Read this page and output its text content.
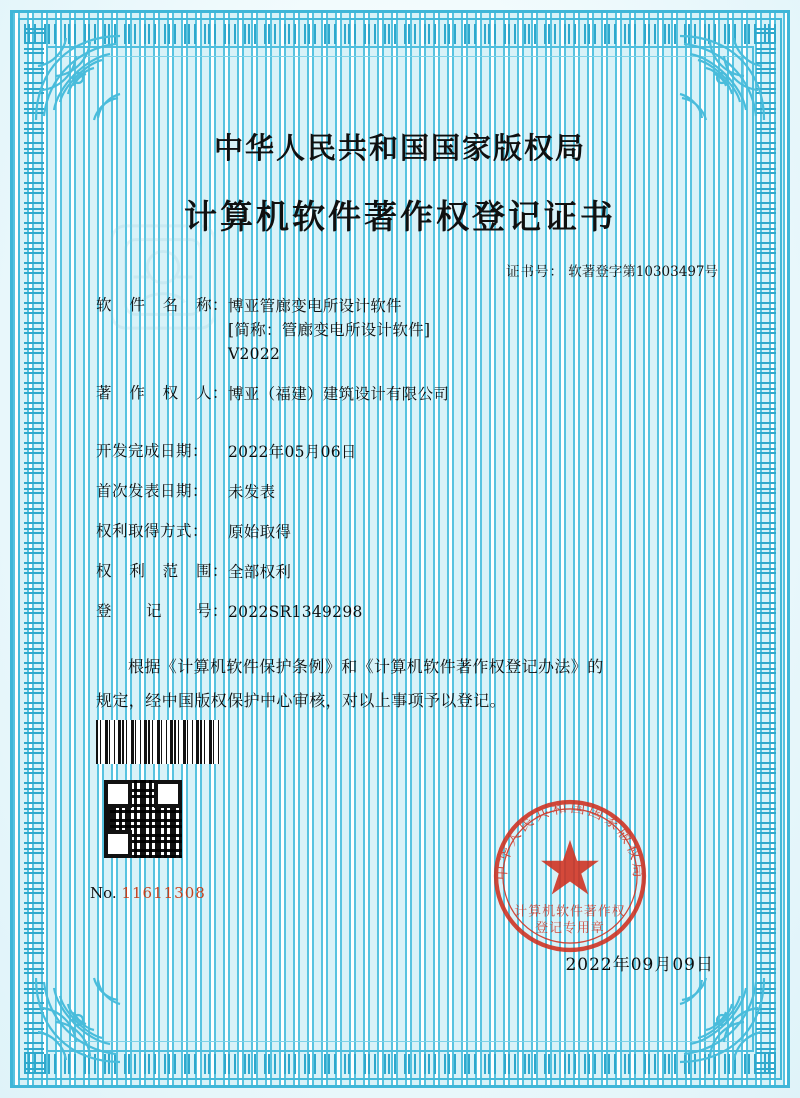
中华人民共和国国家版权局
计算机软件著作权登记证书
证书号： 软著登字第10303497号
软 件 名 称： 博亚管廊变电所设计软件
[简称：管廊变电所设计软件]
V2022
著 作 权 人： 博亚（福建）建筑设计有限公司
开发完成日期：	2022年05月06日
首次发表日期：	未发表
权利取得方式：	原始取得
权 利 范 围： 全部权利
登 记 号： 2022SR1349298
根据《计算机软件保护条例》和《计算机软件著作权登记办法》的
规定，经中国版权保护中心审核，对以上事项予以登记。
No. 11611308
中华人民共和国国家版权局
计算机软件著作权
登记专用章
2022年09月09日
